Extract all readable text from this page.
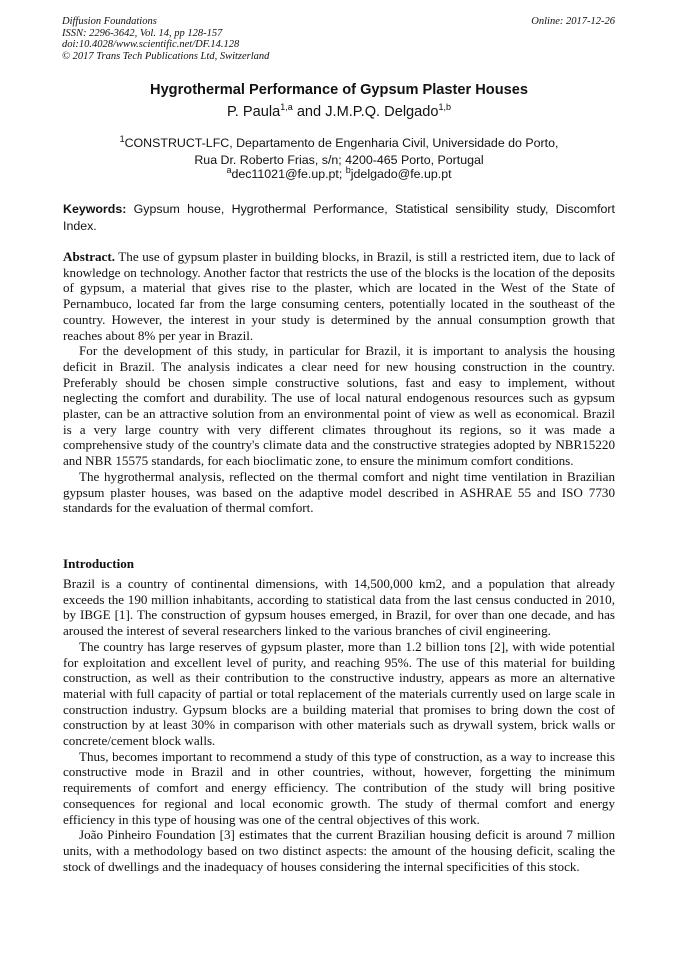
Diffusion Foundations
ISSN: 2296-3642, Vol. 14, pp 128-157
doi:10.4028/www.scientific.net/DF.14.128
© 2017 Trans Tech Publications Ltd, Switzerland
Online: 2017-12-26
Hygrothermal Performance of Gypsum Plaster Houses
P. Paula$^{1,a}$ and J.M.P.Q. Delgado$^{1,b}$
$^1$CONSTRUCT-LFC, Departamento de Engenharia Civil, Universidade do Porto,
Rua Dr. Roberto Frias, s/n; 4200-465 Porto, Portugal
$^a$dec11021@fe.up.pt; $^b$jdelgado@fe.up.pt
Keywords: Gypsum house, Hygrothermal Performance, Statistical sensibility study, Discomfort Index.

Abstract. The use of gypsum plaster in building blocks, in Brazil, is still a restricted item, due to lack of knowledge on technology. Another factor that restricts the use of the blocks is the location of the deposits of gypsum, a material that gives rise to the plaster, which are located in the West of the State of Pernambuco, located far from the large consuming centers, potentially located in the southeast of the country. However, the interest in your study is determined by the annual consumption growth that reaches about 8% per year in Brazil.

For the development of this study, in particular for Brazil, it is important to analysis the housing deficit in Brazil. The analysis indicates a clear need for new housing construction in the country. Preferably should be chosen simple constructive solutions, fast and easy to implement, without neglecting the comfort and durability. The use of local natural endogenous resources such as gypsum plaster, can be an attractive solution from an environmental point of view as well as economical. Brazil is a very large country with very different climates throughout its regions, so it was made a comprehensive study of the country's climate data and the constructive strategies adopted by NBR15220 and NBR 15575 standards, for each bioclimatic zone, to ensure the minimum comfort conditions.

The hygrothermal analysis, reflected on the thermal comfort and night time ventilation in Brazilian gypsum plaster houses, was based on the adaptive model described in ASHRAE 55 and ISO 7730 standards for the evaluation of thermal comfort.

Introduction

Brazil is a country of continental dimensions, with 14,500,000 km2, and a population that already exceeds the 190 million inhabitants, according to statistical data from the last census conducted in 2010, by IBGE [1]. The construction of gypsum houses emerged, in Brazil, for over than one decade, and has aroused the interest of several researchers linked to the various branches of civil engineering.

The country has large reserves of gypsum plaster, more than 1.2 billion tons [2], with wide potential for exploitation and excellent level of purity, and reaching 95%. The use of this material for building construction, as well as their contribution to the constructive industry, appears as more an alternative material with full capacity of partial or total replacement of the materials currently used on large scale in construction industry. Gypsum blocks are a building material that promises to bring down the cost of construction by at least 30% in comparison with other materials such as drywall system, brick walls or concrete/cement block walls.

Thus, becomes important to recommend a study of this type of construction, as a way to increase this constructive mode in Brazil and in other countries, without, however, forgetting the minimum requirements of comfort and energy efficiency. The contribution of the study will bring positive consequences for regional and local economic growth. The study of thermal comfort and energy efficiency in this type of housing was one of the central objectives of this work.

João Pinheiro Foundation [3] estimates that the current Brazilian housing deficit is around 7 million units, with a methodology based on two distinct aspects: the amount of the housing deficit, scaling the stock of dwellings and the inadequacy of houses considering the internal specificities of this stock.
